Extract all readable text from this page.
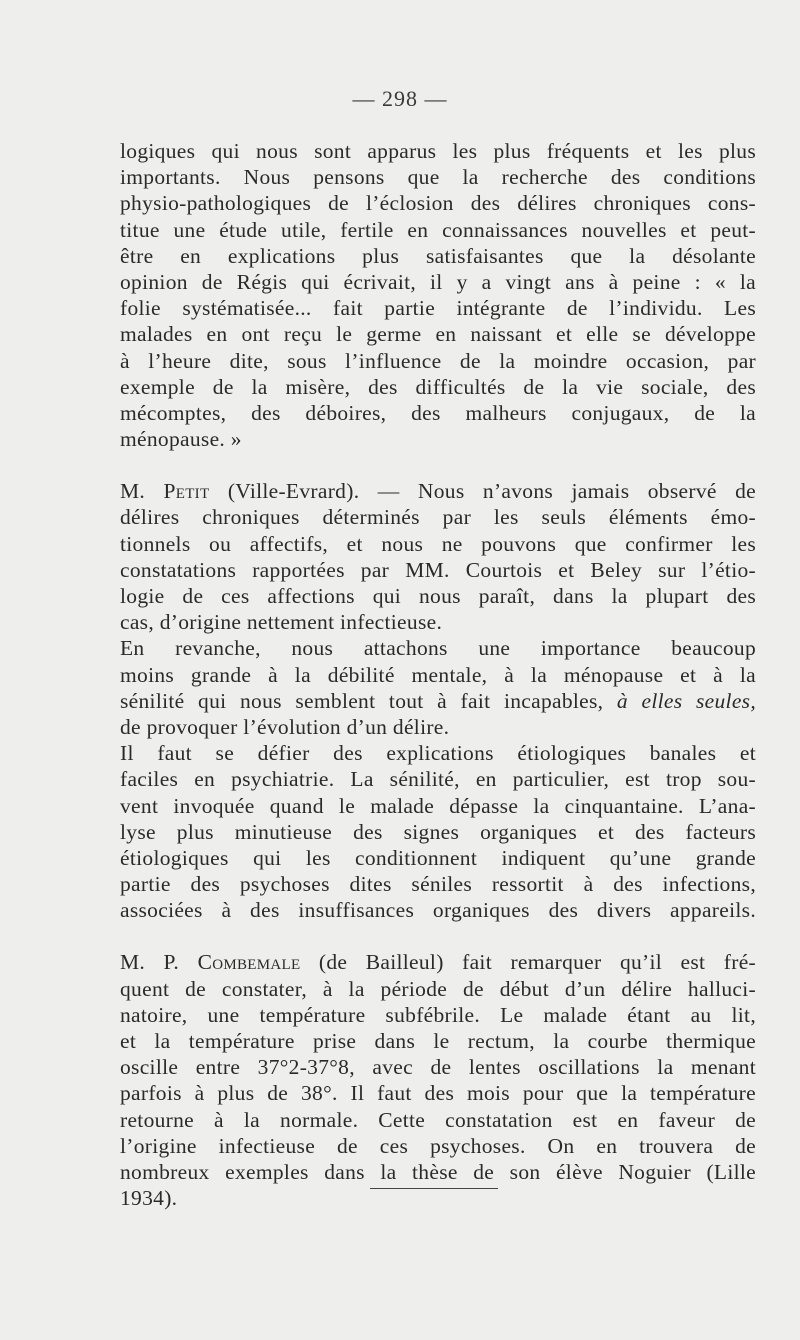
— 298 —
logiques qui nous sont apparus les plus fréquents et les plus
importants. Nous pensons que la recherche des conditions
physio-pathologiques de l’éclosion des délires chroniques cons-
titue une étude utile, fertile en connaissances nouvelles et peut-
être en explications plus satisfaisantes que la désolante
opinion de Régis qui écrivait, il y a vingt ans à peine : « la
folie systématisée... fait partie intégrante de l’individu. Les
malades en ont reçu le germe en naissant et elle se développe
à l’heure dite, sous l’influence de la moindre occasion, par
exemple de la misère, des difficultés de la vie sociale, des
mécomptes, des déboires, des malheurs conjugaux, de la
ménopause. »
M. Petit (Ville-Evrard). — Nous n’avons jamais observé de
délires chroniques déterminés par les seuls éléments émo-
tionnels ou affectifs, et nous ne pouvons que confirmer les
constatations rapportées par MM. Courtois et Beley sur l’étio-
logie de ces affections qui nous paraît, dans la plupart des
cas, d’origine nettement infectieuse.
En revanche, nous attachons une importance beaucoup
moins grande à la débilité mentale, à la ménopause et à la
sénilité qui nous semblent tout à fait incapables, à elles seules,
de provoquer l’évolution d’un délire.
Il faut se défier des explications étiologiques banales et
faciles en psychiatrie. La sénilité, en particulier, est trop sou-
vent invoquée quand le malade dépasse la cinquantaine. L’ana-
lyse plus minutieuse des signes organiques et des facteurs
étiologiques qui les conditionnent indiquent qu’une grande
partie des psychoses dites séniles ressortit à des infections,
associées à des insuffisances organiques des divers appareils.
M. P. Combemale (de Bailleul) fait remarquer qu’il est fré-
quent de constater, à la période de début d’un délire halluci-
natoire, une température subfébrile. Le malade étant au lit,
et la température prise dans le rectum, la courbe thermique
oscille entre 37°2-37°8, avec de lentes oscillations la menant
parfois à plus de 38°. Il faut des mois pour que la température
retourne à la normale. Cette constatation est en faveur de
l’origine infectieuse de ces psychoses. On en trouvera de
nombreux exemples dans la thèse de son élève Noguier (Lille
1934).
